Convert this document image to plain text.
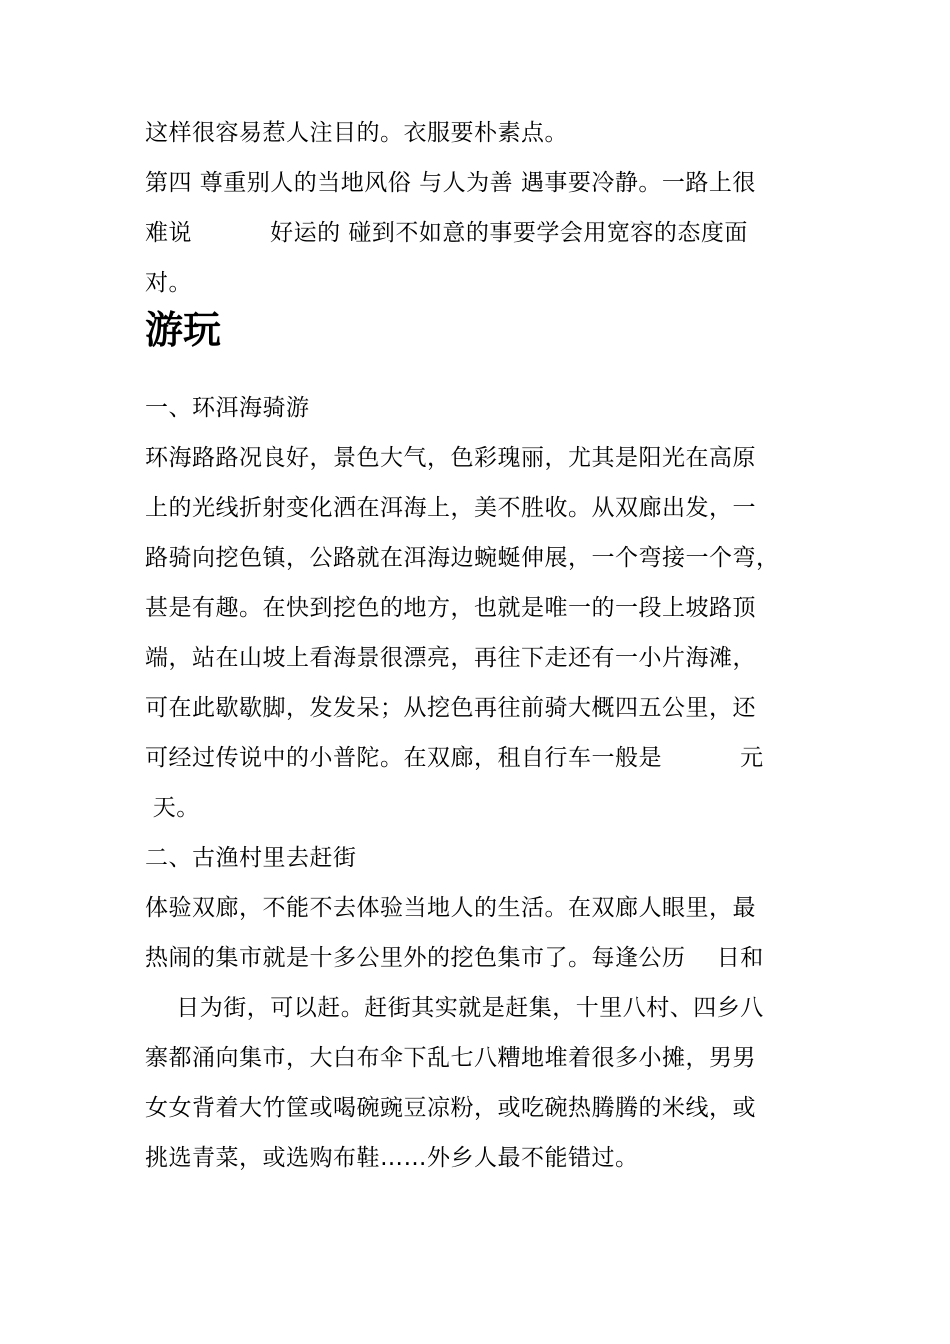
这样很容易惹人注目的。衣服要朴素点。
第四 尊重别人的当地风俗 与人为善 遇事要冷静。一路上很
难说          好运的 碰到不如意的事要学会用宽容的态度面
对。
游玩
一、环洱海骑游
环海路路况良好，景色大气，色彩瑰丽，尤其是阳光在高原
上的光线折射变化洒在洱海上，美不胜收。从双廊出发，一
路骑向挖色镇，公路就在洱海边蜿蜒伸展，一个弯接一个弯，
甚是有趣。在快到挖色的地方，也就是唯一的一段上坡路顶
端，站在山坡上看海景很漂亮，再往下走还有一小片海滩，
可在此歇歇脚，发发呆；从挖色再往前骑大概四五公里，还
可经过传说中的小普陀。在双廊，租自行车一般是          元
天。
二、古渔村里去赶街
体验双廊，不能不去体验当地人的生活。在双廊人眼里，最
热闹的集市就是十多公里外的挖色集市了。每逢公历    日和
日为街，可以赶。赶街其实就是赶集，十里八村、四乡八
寨都涌向集市，大白布伞下乱七八糟地堆着很多小摊，男男
女女背着大竹筐或喝碗豌豆凉粉，或吃碗热腾腾的米线，或
挑选青菜，或选购布鞋……外乡人最不能错过。
